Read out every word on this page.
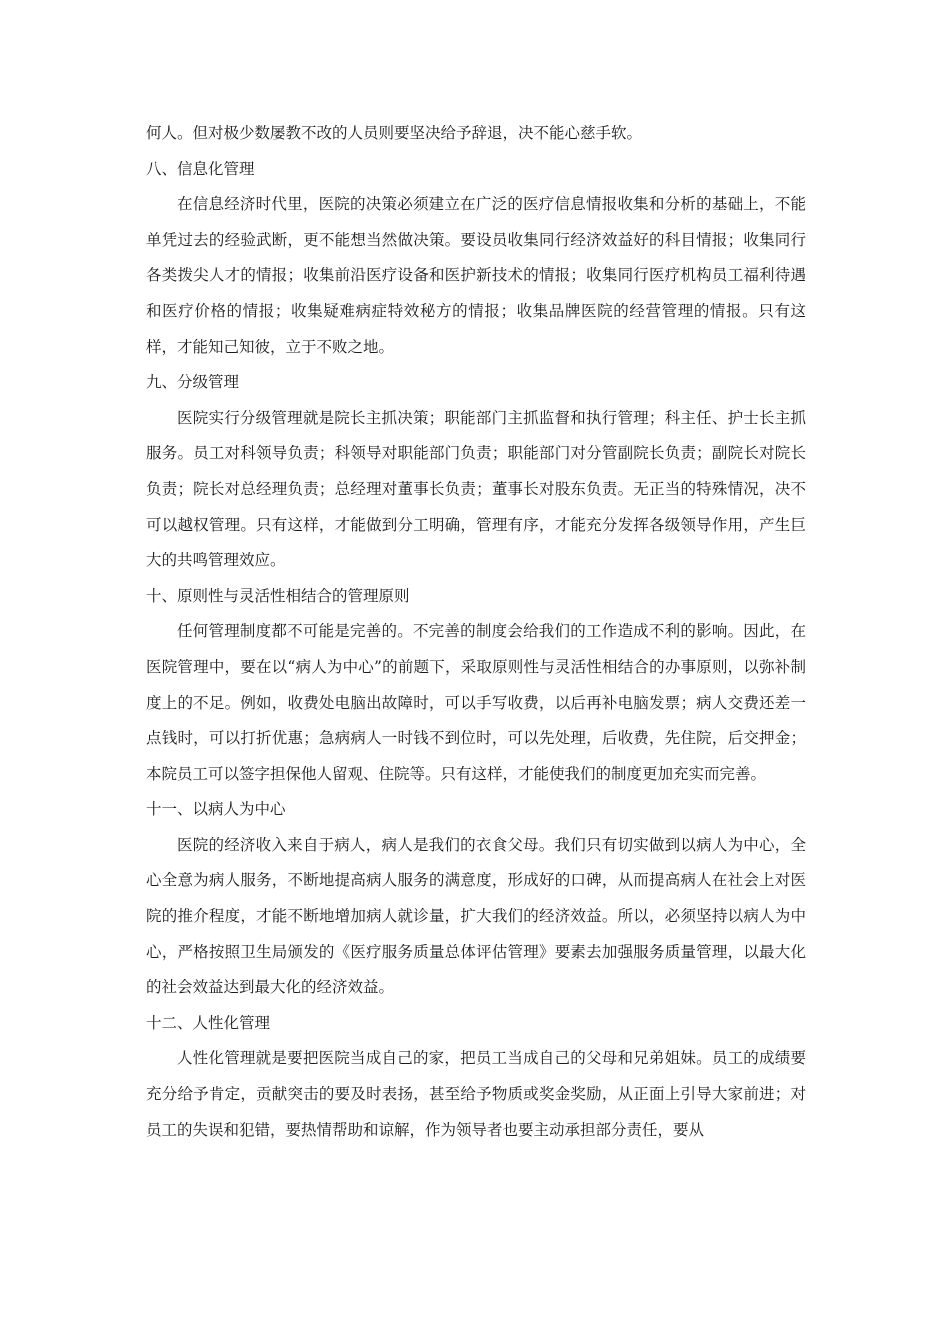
何人。但对极少数屡教不改的人员则要坚决给予辞退，决不能心慈手软。
八、信息化管理

在信息经济时代里，医院的决策必须建立在广泛的医疗信息情报收集和分析的基础上，不能单凭过去的经验武断，更不能想当然做决策。要设员收集同行经济效益好的科目情报；收集同行各类拨尖人才的情报；收集前沿医疗设备和医护新技术的情报；收集同行医疗机构员工福利待遇和医疗价格的情报；收集疑难病症特效秘方的情报；收集品牌医院的经营管理的情报。只有这样，才能知己知彼，立于不败之地。

九、分级管理

医院实行分级管理就是院长主抓决策；职能部门主抓监督和执行管理；科主任、护士长主抓服务。员工对科领导负责；科领导对职能部门负责；职能部门对分管副院长负责；副院长对院长负责；院长对总经理负责；总经理对董事长负责；董事长对股东负责。无正当的特殊情况，决不可以越权管理。只有这样，才能做到分工明确，管理有序，才能充分发挥各级领导作用，产生巨大的共鸣管理效应。

十、原则性与灵活性相结合的管理原则

任何管理制度都不可能是完善的。不完善的制度会给我们的工作造成不利的影响。因此，在医院管理中，要在以“病人为中心”的前题下，采取原则性与灵活性相结合的办事原则，以弥补制度上的不足。例如，收费处电脑出故障时，可以手写收费，以后再补电脑发票；病人交费还差一点钱时，可以打折优惠；急病病人一时钱不到位时，可以先处理，后收费，先住院，后交押金；本院员工可以签字担保他人留观、住院等。只有这样，才能使我们的制度更加充实而完善。

十一、以病人为中心

医院的经济收入来自于病人，病人是我们的衣食父母。我们只有切实做到以病人为中心，全心全意为病人服务，不断地提高病人服务的满意度，形成好的口碑，从而提高病人在社会上对医院的推介程度，才能不断地增加病人就诊量，扩大我们的经济效益。所以，必须坚持以病人为中心，严格按照卫生局颁发的《医疗服务质量总体评估管理》要素去加强服务质量管理，以最大化的社会效益达到最大化的经济效益。

十二、人性化管理

人性化管理就是要把医院当成自己的家，把员工当成自己的父母和兄弟姐妹。员工的成绩要充分给予肯定，贡献突击的要及时表扬，甚至给予物质或奖金奖励，从正面上引导大家前进；对员工的失误和犯错，要热情帮助和谅解，作为领导者也要主动承担部分责任，要从
